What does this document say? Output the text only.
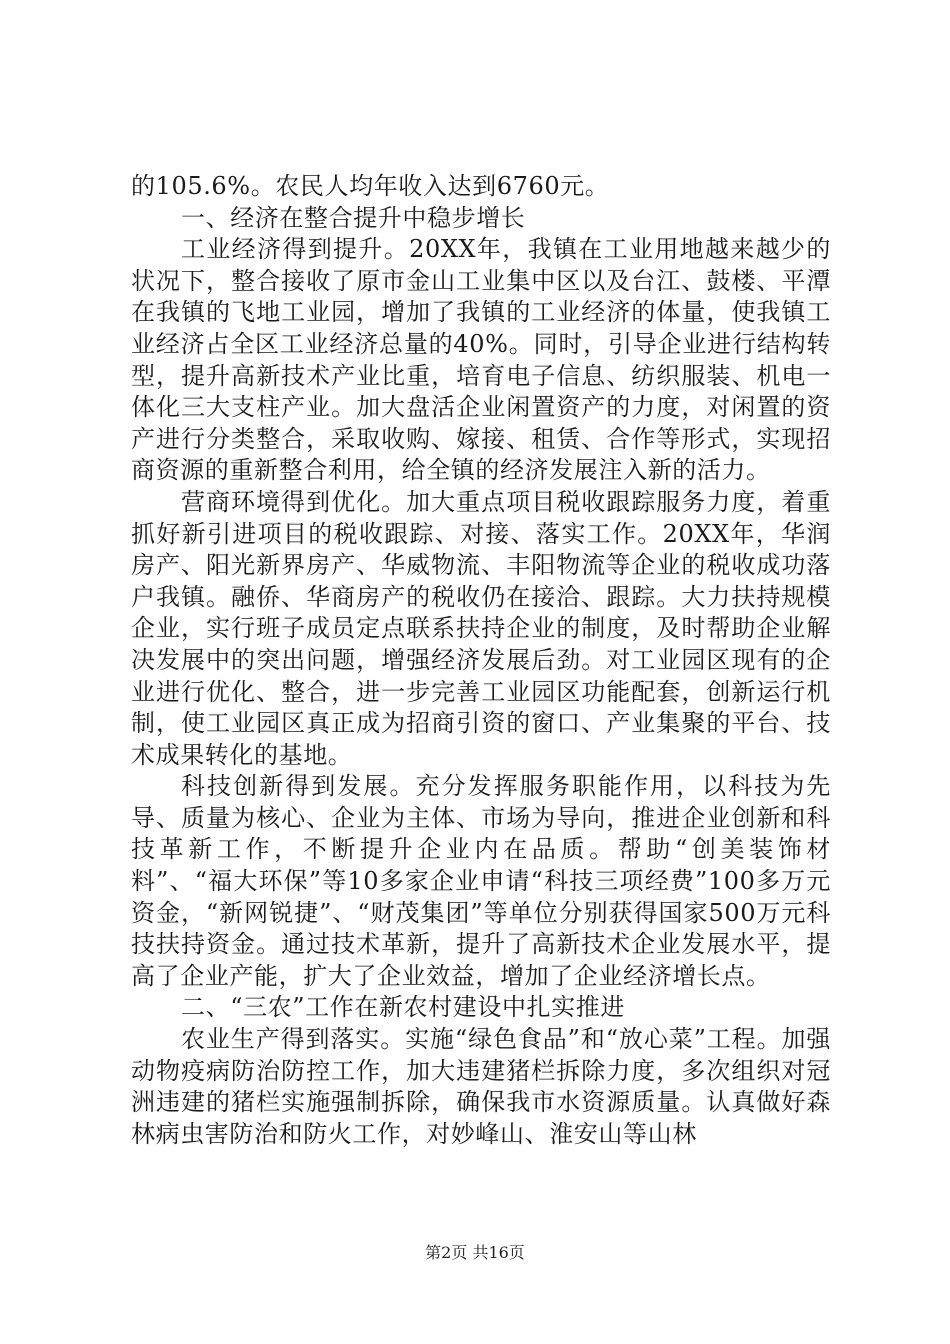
的105.6%。农民人均年收入达到6760元。

一、经济在整合提升中稳步增长

工业经济得到提升。20XX年，我镇在工业用地越来越少的状况下，整合接收了原市金山工业集中区以及台江、鼓楼、平潭在我镇的飞地工业园，增加了我镇的工业经济的体量，使我镇工业经济占全区工业经济总量的40%。同时，引导企业进行结构转型，提升高新技术产业比重，培育电子信息、纺织服装、机电一体化三大支柱产业。加大盘活企业闲置资产的力度，对闲置的资产进行分类整合，采取收购、嫁接、租赁、合作等形式，实现招商资源的重新整合利用，给全镇的经济发展注入新的活力。

营商环境得到优化。加大重点项目税收跟踪服务力度，着重抓好新引进项目的税收跟踪、对接、落实工作。20XX年，华润房产、阳光新界房产、华威物流、丰阳物流等企业的税收成功落户我镇。融侨、华商房产的税收仍在接洽、跟踪。大力扶持规模企业，实行班子成员定点联系扶持企业的制度，及时帮助企业解决发展中的突出问题，增强经济发展后劲。对工业园区现有的企业进行优化、整合，进一步完善工业园区功能配套，创新运行机制，使工业园区真正成为招商引资的窗口、产业集聚的平台、技术成果转化的基地。

科技创新得到发展。充分发挥服务职能作用，以科技为先导、质量为核心、企业为主体、市场为导向，推进企业创新和科技革新工作，不断提升企业内在品质。帮助“创美装饰材料”、“福大环保”等10多家企业申请“科技三项经费”100多万元资金，“新网锐捷”、“财茂集团”等单位分别获得国家500万元科技扶持资金。通过技术革新，提升了高新技术企业发展水平，提高了企业产能，扩大了企业效益，增加了企业经济增长点。

二、“三农”工作在新农村建设中扎实推进

农业生产得到落实。实施“绿色食品”和“放心菜”工程。加强动物疫病防治防控工作，加大违建猪栏拆除力度，多次组织对冠洲违建的猪栏实施强制拆除，确保我市水资源质量。认真做好森林病虫害防治和防火工作，对妙峰山、淮安山等山林

第2页 共16页
